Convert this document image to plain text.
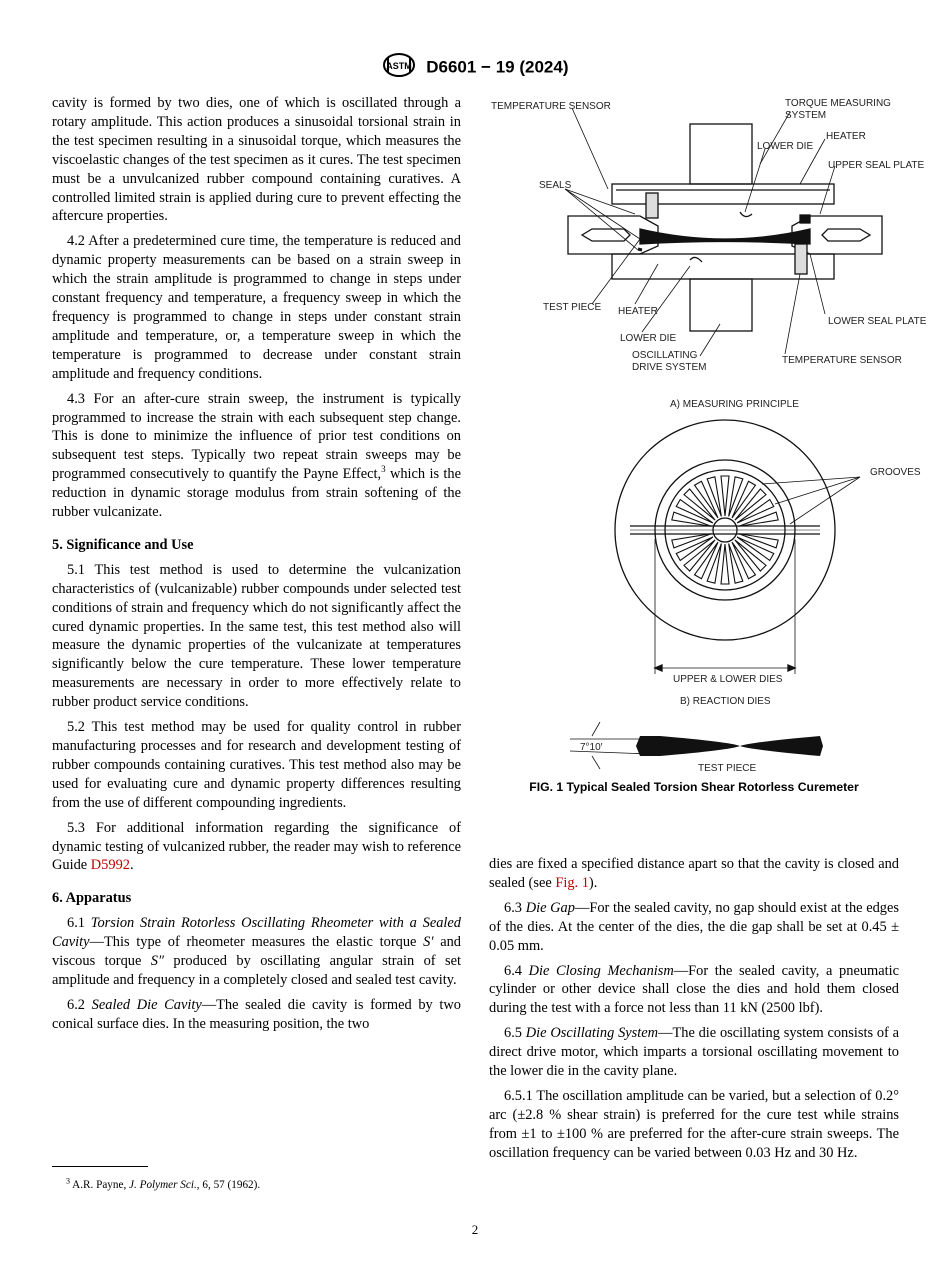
ASTM D6601 − 19 (2024)

cavity is formed by two dies, one of which is oscillated through a rotary amplitude. This action produces a sinusoidal torsional strain in the test specimen resulting in a sinusoidal torque, which measures the viscoelastic changes of the test specimen as it cures. The test specimen must be a unvulcanized rubber compound containing curatives. A controlled limited strain is applied during cure to prevent effecting the aftercure properties.

4.2 After a predetermined cure time, the temperature is reduced and dynamic property measurements can be based on a strain sweep in which the strain amplitude is programmed to change in steps under constant frequency and temperature, a frequency sweep in which the frequency is programmed to change in steps under constant strain amplitude and temperature, or, a temperature sweep in which the temperature is programmed to decrease under constant strain amplitude and frequency conditions.

4.3 For an after-cure strain sweep, the instrument is typically programmed to increase the strain with each subsequent step change. This is done to minimize the influence of prior test conditions on subsequent test steps. Typically two repeat strain sweeps may be programmed consecutively to quantify the Payne Effect,$^3$ which is the reduction in dynamic storage modulus from strain softening of the rubber vulcanizate.

5. Significance and Use

5.1 This test method is used to determine the vulcanization characteristics of (vulcanizable) rubber compounds under selected test conditions of strain and frequency which do not significantly affect the cured dynamic properties. In the same test, this test method also will measure the dynamic properties of the vulcanizate at temperatures significantly below the cure temperature. These lower temperature measurements are necessary in order to more effectively relate to rubber product service conditions.

5.2 This test method may be used for quality control in rubber manufacturing processes and for research and development testing of rubber compounds containing curatives. This test method also may be used for evaluating cure and dynamic property differences resulting from the use of different compounding ingredients.

5.3 For additional information regarding the significance of dynamic testing of vulcanized rubber, the reader may wish to reference Guide D5992.

6. Apparatus

6.1 Torsion Strain Rotorless Oscillating Rheometer with a Sealed Cavity—This type of rheometer measures the elastic torque S′ and viscous torque S″ produced by oscillating angular strain of set amplitude and frequency in a completely closed and sealed test cavity.

6.2 Sealed Die Cavity—The sealed die cavity is formed by two conical surface dies. In the measuring position, the two

TEMPERATURE SENSOR	TORQUE MEASURING
SYSTEM
HEATER
LOWER DIE
UPPER SEAL PLATE
SEALS
TEST PIECE HEATER
LOWER SEAL PLATE
LOWER DIE
OSCILLATING
DRIVE SYSTEM
TEMPERATURE SENSOR
A) MEASURING PRINCIPLE
GROOVES
UPPER & LOWER DIES
B) REACTION DIES
7°10′
TEST PIECE
FIG. 1 Typical Sealed Torsion Shear Rotorless Curemeter

dies are fixed a specified distance apart so that the cavity is closed and sealed (see Fig. 1).

6.3 Die Gap—For the sealed cavity, no gap should exist at the edges of the dies. At the center of the dies, the die gap shall be set at 0.45 ± 0.05 mm.

6.4 Die Closing Mechanism—For the sealed cavity, a pneumatic cylinder or other device shall close the dies and hold them closed during the test with a force not less than 11 kN (2500 lbf).

6.5 Die Oscillating System—The die oscillating system consists of a direct drive motor, which imparts a torsional oscillating movement to the lower die in the cavity plane.

6.5.1 The oscillation amplitude can be varied, but a selection of 0.2° arc (±2.8 % shear strain) is preferred for the cure test while strains from ±1 to ±100 % are preferred for the after-cure strain sweeps. The oscillation frequency can be varied between 0.03 Hz and 30 Hz.

$^3$ A.R. Payne, J. Polymer Sci., 6, 57 (1962).
2
